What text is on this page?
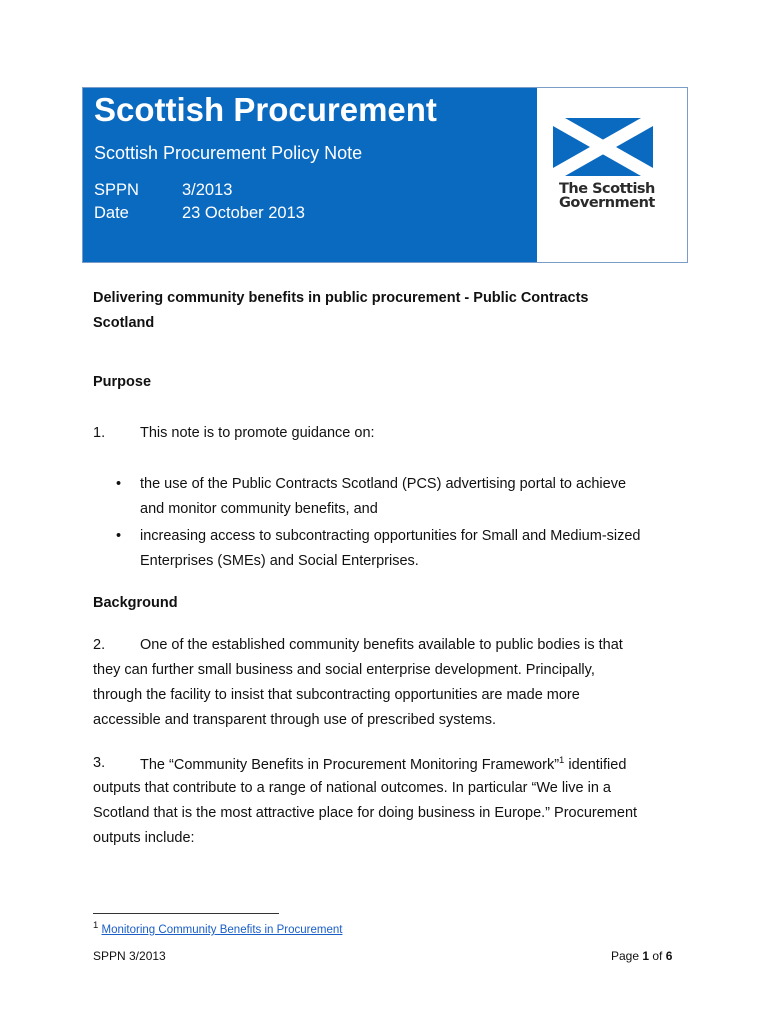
Scottish Procurement
Scottish Procurement Policy Note
SPPN	3/2013
Date	23 October 2013
The Scottish
Government
Delivering community benefits in public procurement - Public Contracts
Scotland
Purpose
1. This note is to promote guidance on:
• the use of the Public Contracts Scotland (PCS) advertising portal to achieve
and monitor community benefits, and
• increasing access to subcontracting opportunities for Small and Medium-sized
Enterprises (SMEs) and Social Enterprises.
Background
2. One of the established community benefits available to public bodies is that
they can further small business and social enterprise development. Principally,
through the facility to insist that subcontracting opportunities are made more
accessible and transparent through use of prescribed systems.
3. The “Community Benefits in Procurement Monitoring Framework”$^1$ identified
outputs that contribute to a range of national outcomes. In particular “We live in a
Scotland that is the most attractive place for doing business in Europe.” Procurement
outputs include:
$^1$ Monitoring Community Benefits in Procurement
SPPN 3/2013	Page 1 of 6
